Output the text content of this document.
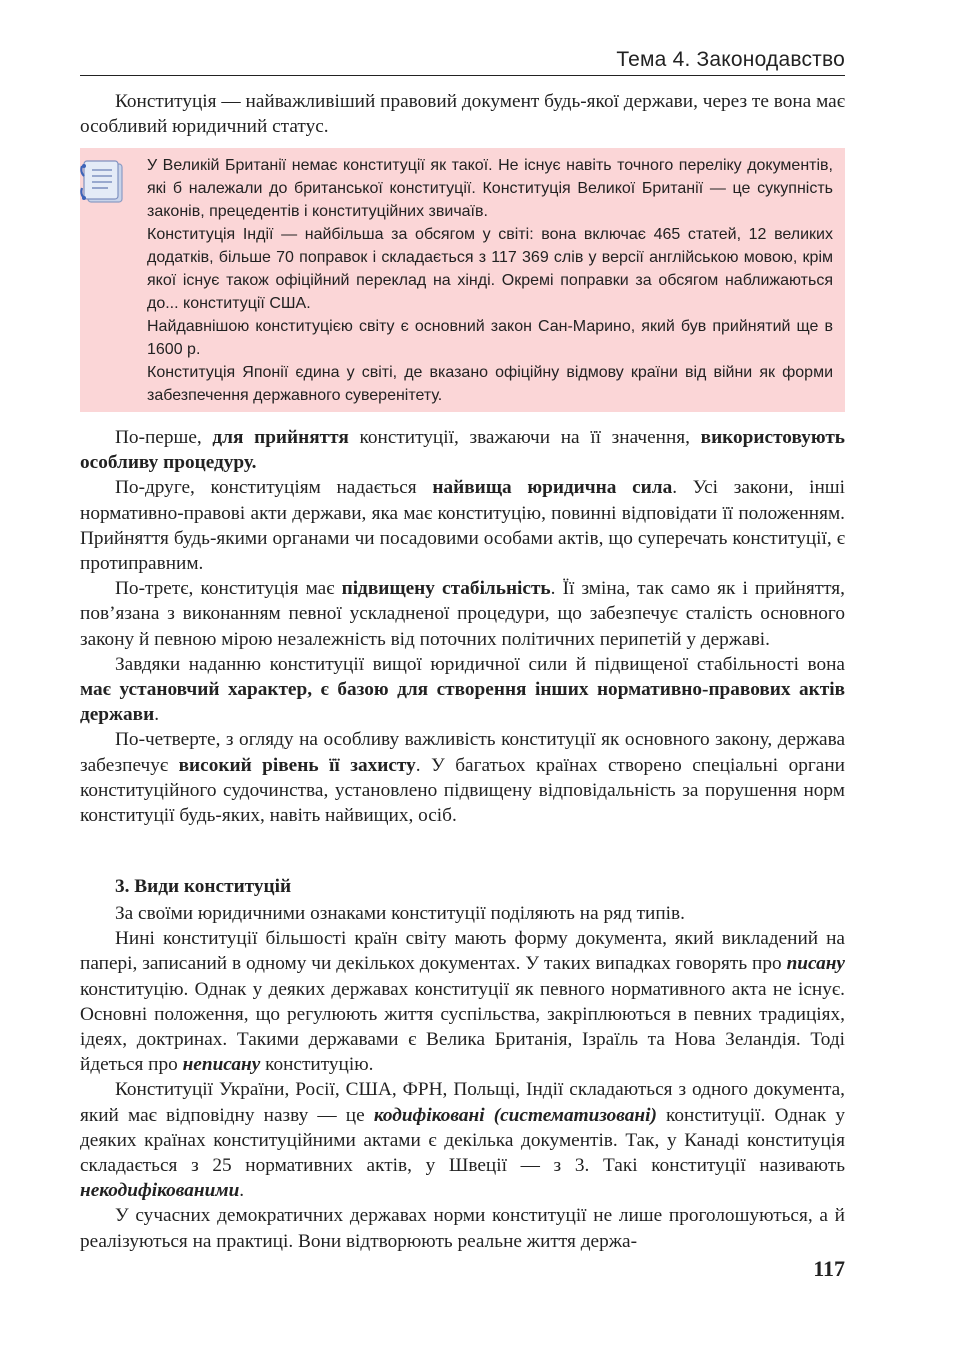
Тема 4. Законодавство

Конституція — найважливіший правовий документ будь-якої держави, через те вона має особливий юридичний статус.

У Великій Британії немає конституції як такої. Не існує навіть точного переліку документів, які б належали до британської конституції. Конституція Великої Британії — це сукупність законів, прецедентів і конституційних звичаїв.

Конституція Індії — найбільша за обсягом у світі: вона включає 465 статей, 12 великих додатків, більше 70 поправок і складається з 117 369 слів у версії англійською мовою, крім якої існує також офіційний переклад на хінді. Окремі поправки за обсягом наближаються до... конституції США.

Найдавнішою конституцією світу є основний закон Сан-Марино, який був прийнятий ще в 1600 р.

Конституція Японії єдина у світі, де вказано офіційну відмову країни від війни як форми забезпечення державного суверенітету.

По-перше, для прийняття конституції, зважаючи на її значення, використовують особливу процедуру.

По-друге, конституціям надається найвища юридична сила. Усі закони, інші нормативно-правові акти держави, яка має конституцію, повинні відповідати її положенням. Прийняття будь-якими органами чи посадовими особами актів, що суперечать конституції, є протиправним.

По-третє, конституція має підвищену стабільність. Її зміна, так само як і прийняття, пов’язана з виконанням певної ускладненої процедури, що забезпечує сталість основного закону й певною мірою незалежність від поточних політичних перипетій у державі.

Завдяки наданню конституції вищої юридичної сили й підвищеної стабільності вона має установчий характер, є базою для створення інших нормативно-правових актів держави.

По-четверте, з огляду на особливу важливість конституції як основного закону, держава забезпечує високий рівень її захисту. У багатьох країнах створено спеціальні органи конституційного судочинства, установлено підвищену відповідальність за порушення норм конституції будь-яких, навіть найвищих, осіб.

3. Види конституцій

За своїми юридичними ознаками конституції поділяють на ряд типів.

Нині конституції більшості країн світу мають форму документа, який викладений на папері, записаний в одному чи декількох документах. У таких випадках говорять про писану конституцію. Однак у деяких державах конституції як певного нормативного акта не існує. Основні положення, що регулюють життя суспільства, закріплюються в певних традиціях, ідеях, доктринах. Такими державами є Велика Британія, Ізраїль та Нова Зеландія. Тоді йдеться про неписану конституцію.

Конституції України, Росії, США, ФРН, Польщі, Індії складаються з одного документа, який має відповідну назву — це кодифіковані (систематизовані) конституції. Однак у деяких країнах конституційними актами є декілька документів. Так, у Канаді конституція складається з 25 нормативних актів, у Швеції — з 3. Такі конституції називають некодифікованими.

У сучасних демократичних державах норми конституції не лише проголошуються, а й реалізуються на практиці. Вони відтворюють реальне життя держа-

117
